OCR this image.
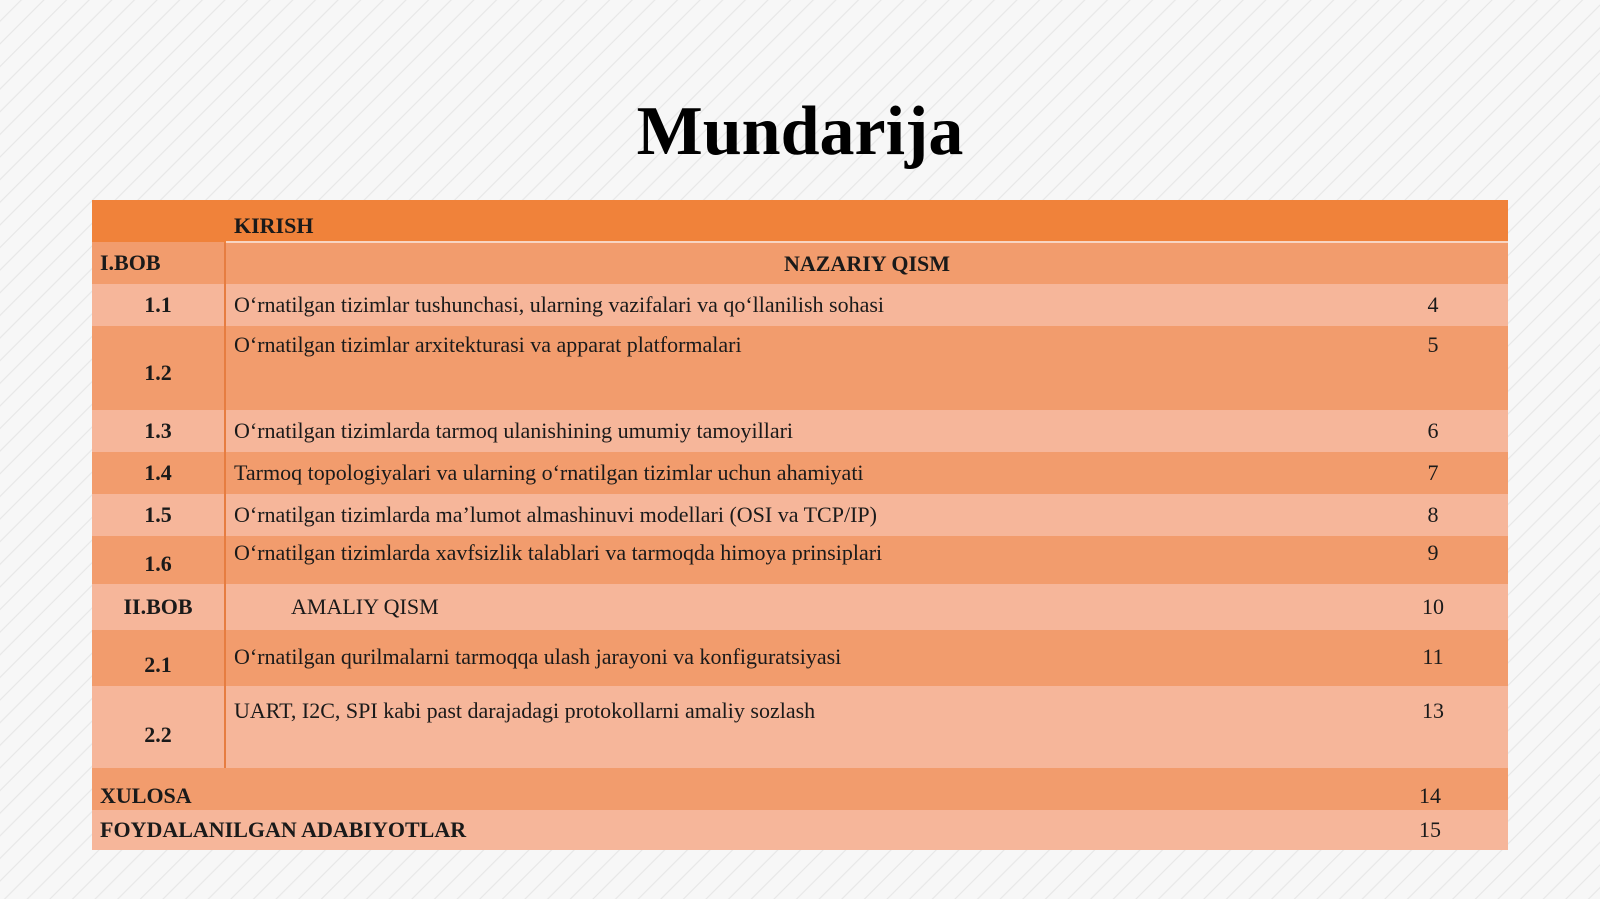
Mundarija
	KIRISH	
I.BOB	NAZARIY QISM	
1.1	O‘rnatilgan tizimlar tushunchasi, ularning vazifalari va qo‘llanilish sohasi	4
1.2	O‘rnatilgan tizimlar arxitekturasi va apparat platformalari	5
1.3	O‘rnatilgan tizimlarda tarmoq ulanishining umumiy tamoyillari	6
1.4	Tarmoq topologiyalari va ularning o‘rnatilgan tizimlar uchun ahamiyati	7
1.5	O‘rnatilgan tizimlarda ma’lumot almashinuvi modellari (OSI va TCP/IP)	8
1.6	O‘rnatilgan tizimlarda xavfsizlik talablari va tarmoqda himoya prinsiplari	9
II.BOB	AMALIY QISM	10
2.1	O‘rnatilgan qurilmalarni tarmoqqa ulash jarayoni va konfiguratsiyasi	11
2.2	UART, I2C, SPI kabi past darajadagi protokollarni amaliy sozlash	13
XULOSA		14
FOYDALANILGAN ADABIYOTLAR		15
